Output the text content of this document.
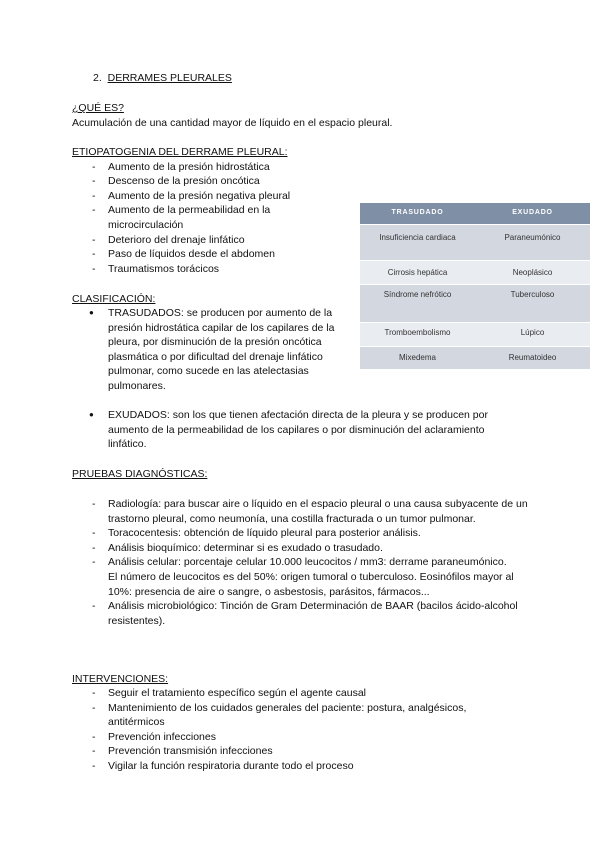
2. DERRAMES PLEURALES

¿QUÉ ES?

Acumulación de una cantidad mayor de líquido en el espacio pleural.

ETIOPATOGENIA DEL DERRAME PLEURAL:

- Aumento de la presión hidrostática
- Descenso de la presión oncótica
- Aumento de la presión negativa pleural
- Aumento de la permeabilidad en la microcirculación
- Deterioro del drenaje linfático
- Paso de líquidos desde el abdomen
- Traumatismos torácicos
TRASUDADO	EXUDADO
Insuficiencia cardiaca	Paraneumónico
Cirrosis hepática	Neoplásico
Síndrome nefrótico	Tuberculoso
Tromboembolismo	Lúpico
Mixedema	Reumatoideo
CLASIFICACIÓN:
● TRASUDADOS: se producen por aumento de la presión hidrostática capilar de los capilares de la pleura, por disminución de la presión oncótica plasmática o por dificultad del drenaje linfático pulmonar, como sucede en las atelectasias pulmonares.
● EXUDADOS: son los que tienen afectación directa de la pleura y se producen por aumento de la permeabilidad de los capilares o por disminución del aclaramiento linfático.
PRUEBAS DIAGNÓSTICAS:
- Radiología: para buscar aire o líquido en el espacio pleural o una causa subyacente de un trastorno pleural, como neumonía, una costilla fracturada o un tumor pulmonar.
- Toracocentesis: obtención de líquido pleural para posterior análisis.
- Análisis bioquímico: determinar si es exudado o trasudado.
- Análisis celular: porcentaje celular 10.000 leucocitos / mm3: derrame paraneumónico. El número de leucocitos es del 50%: origen tumoral o tuberculoso. Eosinófilos mayor al 10%: presencia de aire o sangre, o asbestosis, parásitos, fármacos...
- Análisis microbiológico: Tinción de Gram Determinación de BAAR (bacilos ácido-alcohol resistentes).
INTERVENCIONES:
- Seguir el tratamiento específico según el agente causal
- Mantenimiento de los cuidados generales del paciente: postura, analgésicos, antitérmicos
- Prevención infecciones
- Prevención transmisión infecciones
- Vigilar la función respiratoria durante todo el proceso
